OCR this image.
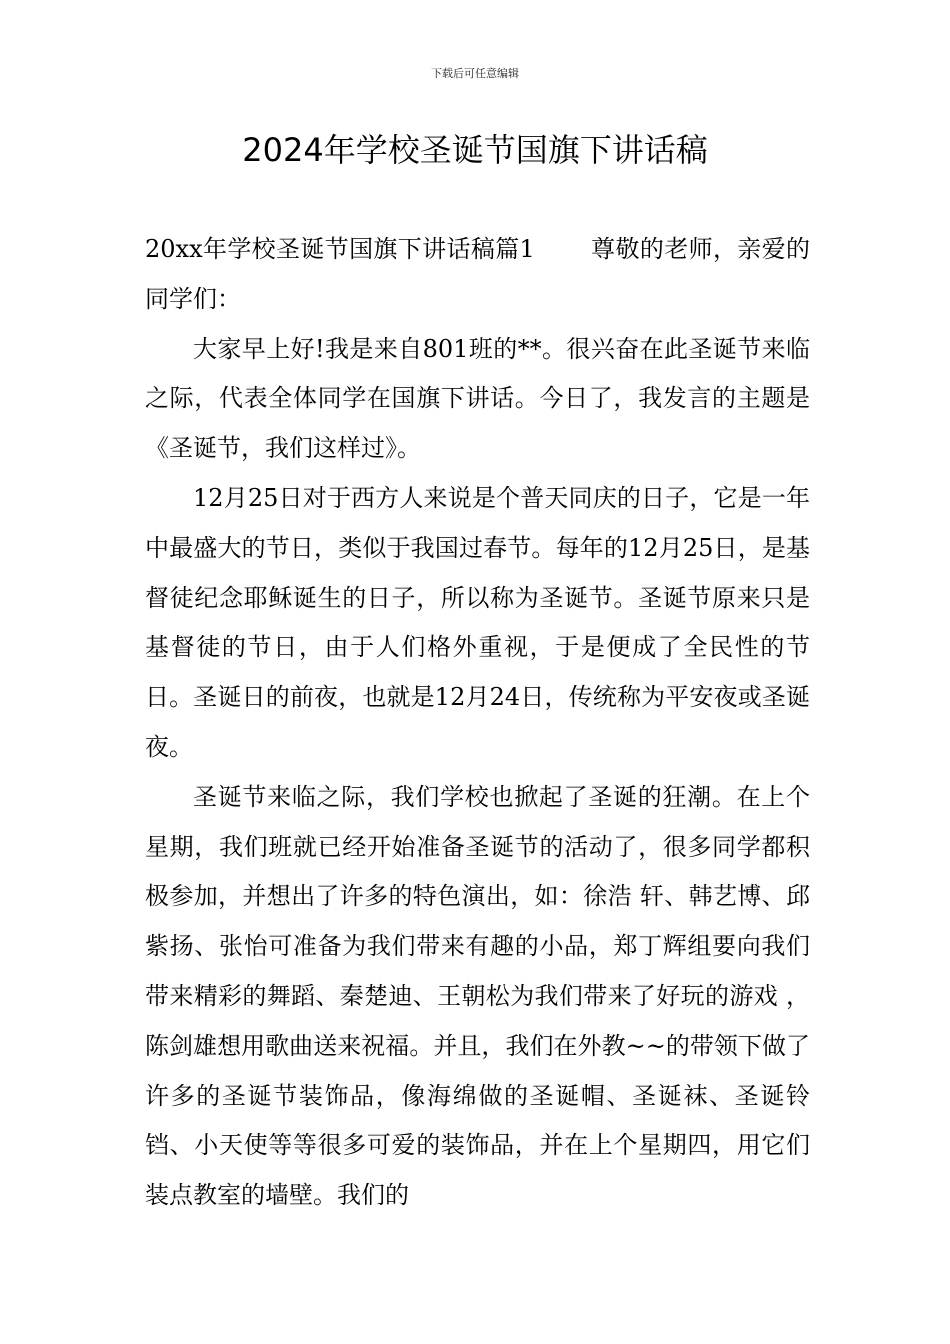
下载后可任意编辑
2024年学校圣诞节国旗下讲话稿

20xx年学校圣诞节国旗下讲话稿篇1 尊敬的老师，亲爱的同学们：

大家早上好!我是来自801班的**。很兴奋在此圣诞节来临之际，代表全体同学在国旗下讲话。今日了，我发言的主题是《圣诞节，我们这样过》。

12月25日对于西方人来说是个普天同庆的日子，它是一年中最盛大的节日，类似于我国过春节。每年的12月25日，是基督徒纪念耶稣诞生的日子，所以称为圣诞节。圣诞节原来只是基督徒的节日，由于人们格外重视，于是便成了全民性的节日。圣诞日的前夜，也就是12月24日，传统称为平安夜或圣诞夜。

圣诞节来临之际，我们学校也掀起了圣诞的狂潮。在上个星期，我们班就已经开始准备圣诞节的活动了，很多同学都积极参加，并想出了许多的特色演出，如：徐浩 轩、韩艺博、邱紫扬、张怡可准备为我们带来有趣的小品，郑丁辉组要向我们带来精彩的舞蹈、秦楚迪、王朝松为我们带来了好玩的游戏 ，陈剑雄想用歌曲送来祝福。并且，我们在外教~~的带领下做了许多的圣诞节装饰品，像海绵做的圣诞帽、圣诞袜、圣诞铃铛、小天使等等很多可爱的装饰品，并在上个星期四，用它们装点教室的墙壁。我们的
